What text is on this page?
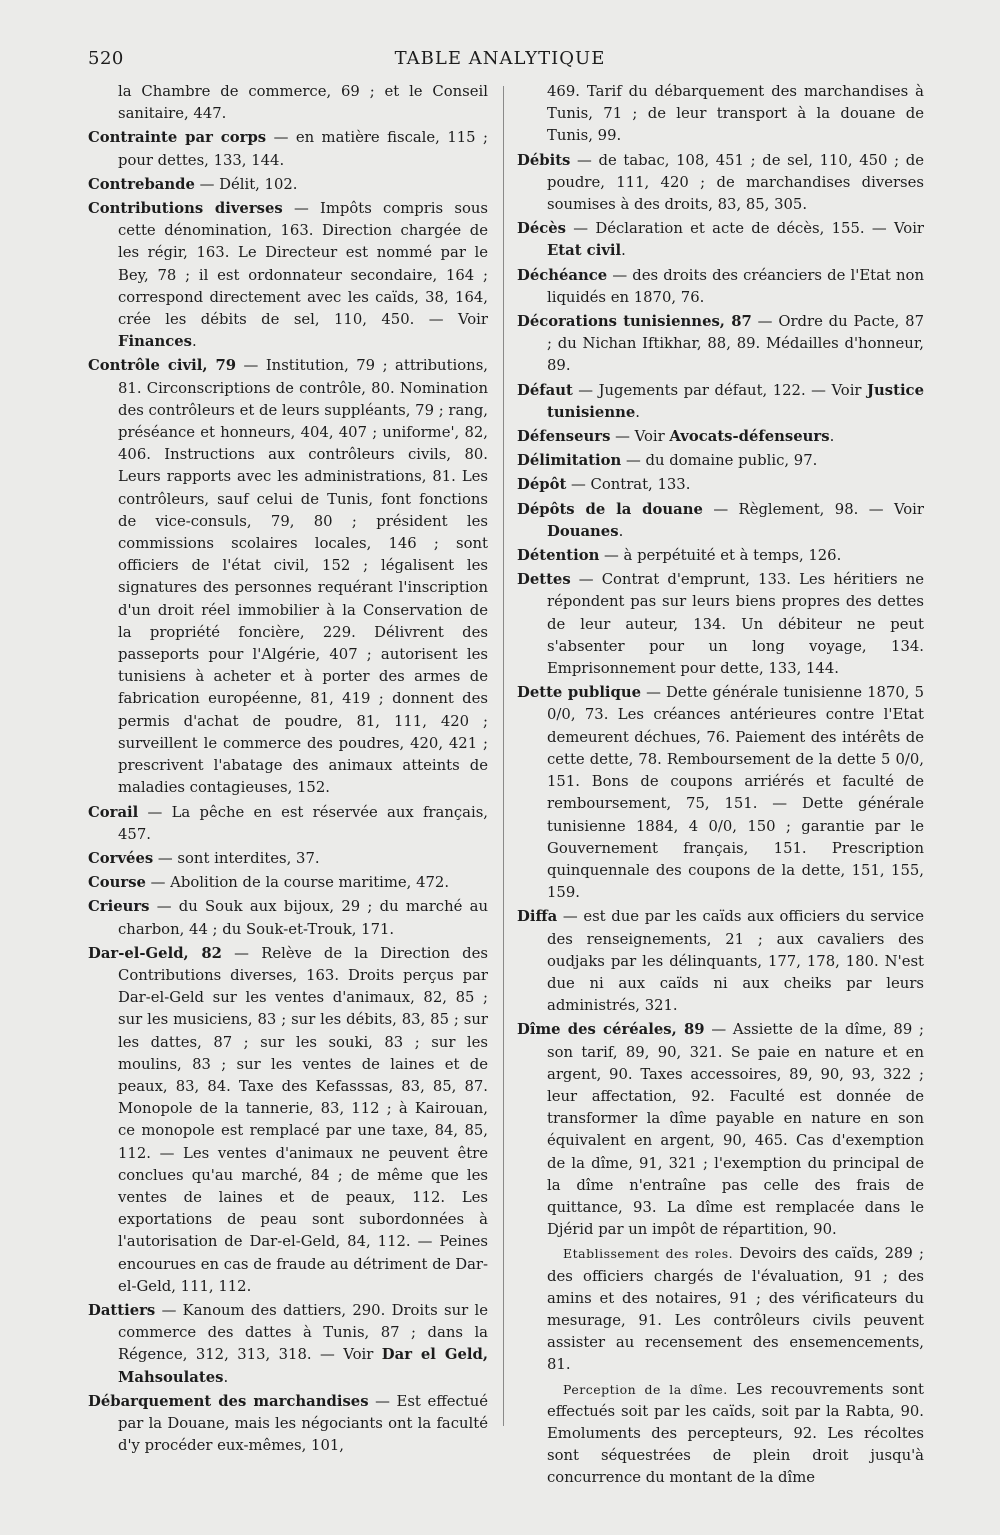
520	TABLE ANALYTIQUE
la Chambre de commerce, 69 ; et le Conseil sanitaire, 447.
Contrainte par corps — en matière fiscale, 115 ; pour dettes, 133, 144.
Contrebande — Délit, 102.
Contributions diverses — Impôts compris sous cette dénomination, 163. Direction chargée de les régir, 163. Le Directeur est nommé par le Bey, 78 ; il est ordonnateur secondaire, 164 ; correspond directement avec les caïds, 38, 164, crée les débits de sel, 110, 450. — Voir Finances.
Contrôle civil, 79 — Institution, 79 ; attributions, 81. Circonscriptions de contrôle, 80. Nomination des contrôleurs et de leurs suppléants, 79 ; rang, préséance et honneurs, 404, 407 ; uniforme', 82, 406. Instructions aux contrôleurs civils, 80. Leurs rapports avec les administrations, 81. Les contrôleurs, sauf celui de Tunis, font fonctions de vice-consuls, 79, 80 ; président les commissions scolaires locales, 146 ; sont officiers de l'état civil, 152 ; légalisent les signatures des personnes requérant l'inscription d'un droit réel immobilier à la Conservation de la propriété foncière, 229. Délivrent des passeports pour l'Algérie, 407 ; autorisent les tunisiens à acheter et à porter des armes de fabrication européenne, 81, 419 ; donnent des permis d'achat de poudre, 81, 111, 420 ; surveillent le commerce des poudres, 420, 421 ; prescrivent l'abatage des animaux atteints de maladies contagieuses, 152.
Corail — La pêche en est réservée aux français, 457.
Corvées — sont interdites, 37.
Course — Abolition de la course maritime, 472.
Crieurs — du Souk aux bijoux, 29 ; du marché au charbon, 44 ; du Souk-et-Trouk, 171.
Dar-el-Geld, 82 — Relève de la Direction des Contributions diverses, 163. Droits perçus par Dar-el-Geld sur les ventes d'animaux, 82, 85 ; sur les musiciens, 83 ; sur les débits, 83, 85 ; sur les dattes, 87 ; sur les souki, 83 ; sur les moulins, 83 ; sur les ventes de laines et de peaux, 83, 84. Taxe des Kefasssas, 83, 85, 87. Monopole de la tannerie, 83, 112 ; à Kairouan, ce monopole est remplacé par une taxe, 84, 85, 112. — Les ventes d'animaux ne peuvent être conclues qu'au marché, 84 ; de même que les ventes de laines et de peaux, 112. Les exportations de peau sont subordonnées à l'autorisation de Dar-el-Geld, 84, 112. — Peines encourues en cas de fraude au détriment de Dar-el-Geld, 111, 112.
Dattiers — Kanoum des dattiers, 290. Droits sur le commerce des dattes à Tunis, 87 ; dans la Régence, 312, 313, 318. — Voir Dar el Geld, Mahsoulates.
Débarquement des marchandises — Est effectué par la Douane, mais les négociants ont la faculté d'y procéder eux-mêmes, 101,
469. Tarif du débarquement des marchandises à Tunis, 71 ; de leur transport à la douane de Tunis, 99.
Débits — de tabac, 108, 451 ; de sel, 110, 450 ; de poudre, 111, 420 ; de marchandises diverses soumises à des droits, 83, 85, 305.
Décès — Déclaration et acte de décès, 155. — Voir Etat civil.
Déchéance — des droits des créanciers de l'Etat non liquidés en 1870, 76.
Décorations tunisiennes, 87 — Ordre du Pacte, 87 ; du Nichan Iftikhar, 88, 89. Médailles d'honneur, 89.
Défaut — Jugements par défaut, 122. — Voir Justice tunisienne.
Défenseurs — Voir Avocats-défenseurs.
Délimitation — du domaine public, 97.
Dépôt — Contrat, 133.
Dépôts de la douane — Règlement, 98. — Voir Douanes.
Détention — à perpétuité et à temps, 126.
Dettes — Contrat d'emprunt, 133. Les héritiers ne répondent pas sur leurs biens propres des dettes de leur auteur, 134. Un débiteur ne peut s'absenter pour un long voyage, 134. Emprisonnement pour dette, 133, 144.
Dette publique — Dette générale tunisienne 1870, 5 0/0, 73. Les créances antérieures contre l'Etat demeurent déchues, 76. Paiement des intérêts de cette dette, 78. Remboursement de la dette 5 0/0, 151. Bons de coupons arriérés et faculté de remboursement, 75, 151. — Dette générale tunisienne 1884, 4 0/0, 150 ; garantie par le Gouvernement français, 151. Prescription quinquennale des coupons de la dette, 151, 155, 159.
Diffa — est due par les caïds aux officiers du service des renseignements, 21 ; aux cavaliers des oudjaks par les délinquants, 177, 178, 180. N'est due ni aux caïds ni aux cheiks par leurs administrés, 321.
Dîme des céréales, 89 — Assiette de la dîme, 89 ; son tarif, 89, 90, 321. Se paie en nature et en argent, 90. Taxes accessoires, 89, 90, 93, 322 ; leur affectation, 92. Faculté est donnée de transformer la dîme payable en nature en son équivalent en argent, 90, 465. Cas d'exemption de la dîme, 91, 321 ; l'exemption du principal de la dîme n'entraîne pas celle des frais de quittance, 93. La dîme est remplacée dans le Djérid par un impôt de répartition, 90.
Etablissement des roles. Devoirs des caïds, 289 ; des officiers chargés de l'évaluation, 91 ; des amins et des notaires, 91 ; des vérificateurs du mesurage, 91. Les contrôleurs civils peuvent assister au recensement des ensemencements, 81.
Perception de la dîme. Les recouvrements sont effectués soit par les caïds, soit par la Rabta, 90. Emoluments des percepteurs, 92. Les récoltes sont séquestrées de plein droit jusqu'à concurrence du montant de la dîme
